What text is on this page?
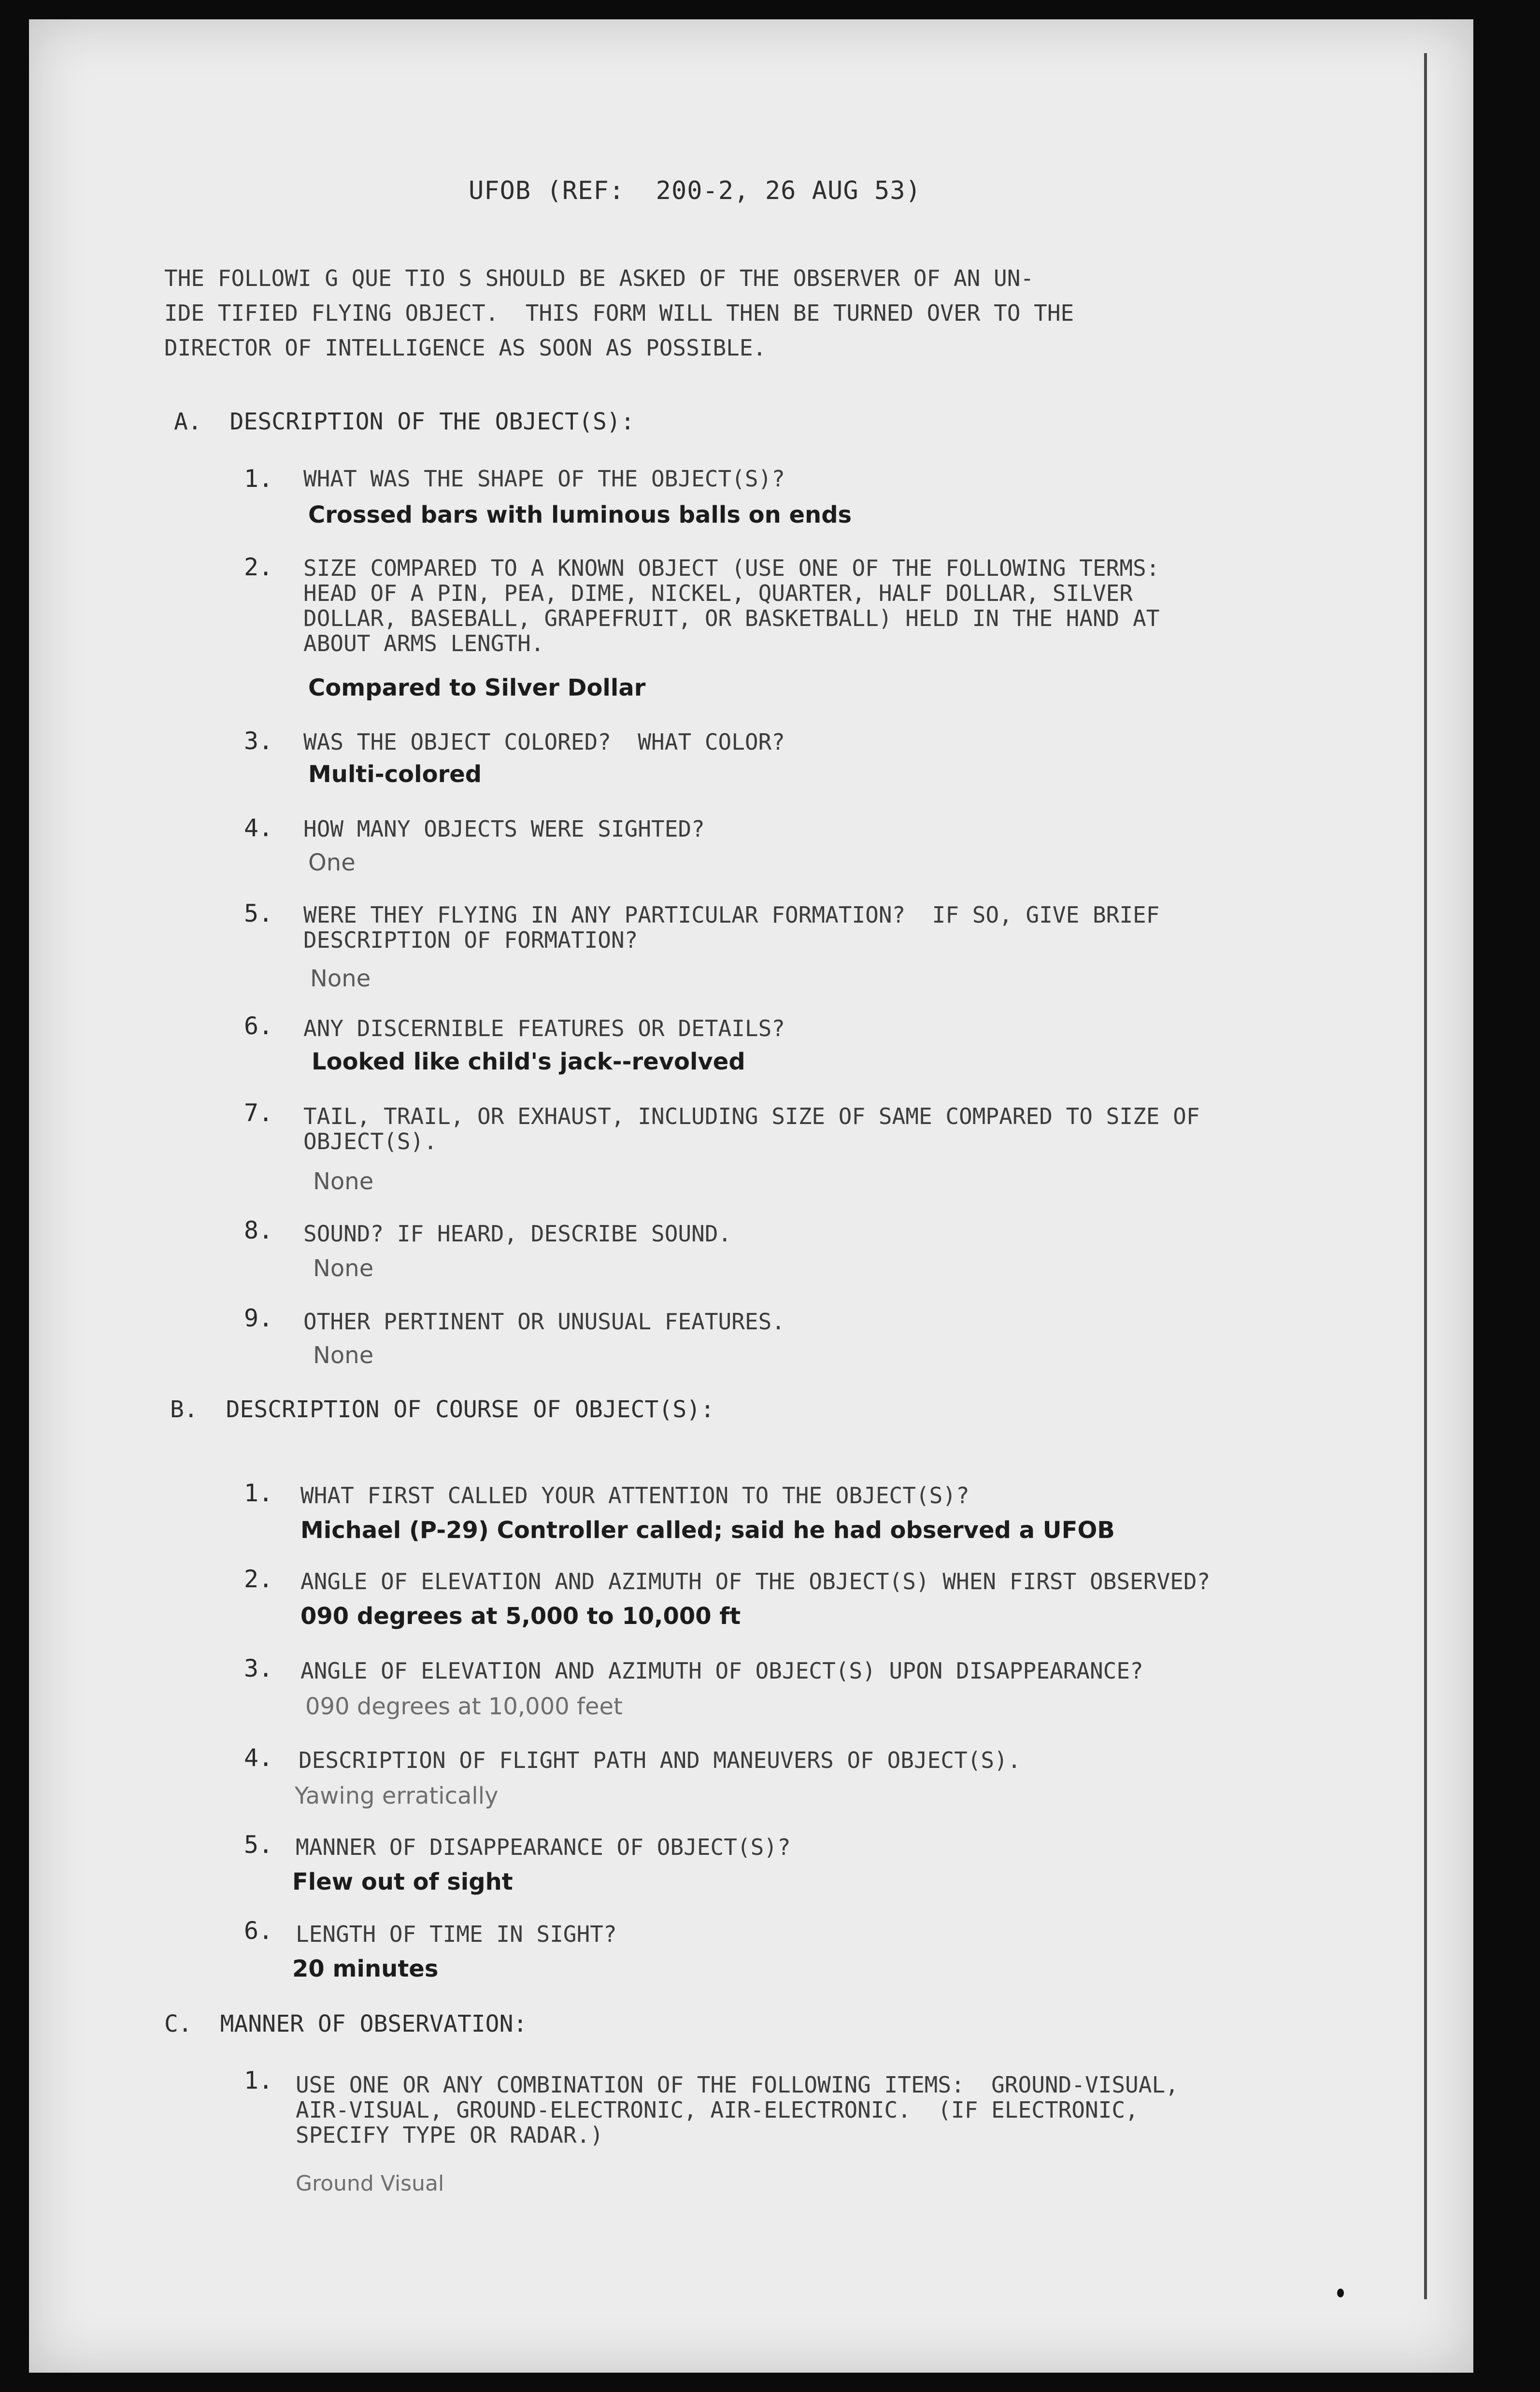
UFOB (REF:  200-2, 26 AUG 53)
THE FOLLOWI G QUE TIO S SHOULD BE ASKED OF THE OBSERVER OF AN UN-
IDE TIFIED FLYING OBJECT.  THIS FORM WILL THEN BE TURNED OVER TO THE
DIRECTOR OF INTELLIGENCE AS SOON AS POSSIBLE.
A.  DESCRIPTION OF THE OBJECT(S):
1. WHAT WAS THE SHAPE OF THE OBJECT(S)?
Crossed bars with luminous balls on ends
2. SIZE COMPARED TO A KNOWN OBJECT (USE ONE OF THE FOLLOWING TERMS:
HEAD OF A PIN, PEA, DIME, NICKEL, QUARTER, HALF DOLLAR, SILVER
DOLLAR, BASEBALL, GRAPEFRUIT, OR BASKETBALL) HELD IN THE HAND AT
ABOUT ARMS LENGTH.
Compared to Silver Dollar
3. WAS THE OBJECT COLORED?  WHAT COLOR?
Multi-colored
4. HOW MANY OBJECTS WERE SIGHTED?
One
5. WERE THEY FLYING IN ANY PARTICULAR FORMATION?  IF SO, GIVE BRIEF
DESCRIPTION OF FORMATION?
None
6. ANY DISCERNIBLE FEATURES OR DETAILS?
Looked like child's jack--revolved
7. TAIL, TRAIL, OR EXHAUST, INCLUDING SIZE OF SAME COMPARED TO SIZE OF
OBJECT(S).
None
8. SOUND? IF HEARD, DESCRIBE SOUND.
None
9. OTHER PERTINENT OR UNUSUAL FEATURES.
None
B.  DESCRIPTION OF COURSE OF OBJECT(S):
1. WHAT FIRST CALLED YOUR ATTENTION TO THE OBJECT(S)?
Michael (P-29) Controller called; said he had observed a UFOB
2. ANGLE OF ELEVATION AND AZIMUTH OF THE OBJECT(S) WHEN FIRST OBSERVED?
090 degrees at 5,000 to 10,000 ft
3. ANGLE OF ELEVATION AND AZIMUTH OF OBJECT(S) UPON DISAPPEARANCE?
090 degrees at 10,000 feet
4. DESCRIPTION OF FLIGHT PATH AND MANEUVERS OF OBJECT(S).
Yawing erratically
5. MANNER OF DISAPPEARANCE OF OBJECT(S)?
Flew out of sight
6. LENGTH OF TIME IN SIGHT?
20 minutes
C.  MANNER OF OBSERVATION:
1. USE ONE OR ANY COMBINATION OF THE FOLLOWING ITEMS:  GROUND-VISUAL,
AIR-VISUAL, GROUND-ELECTRONIC, AIR-ELECTRONIC.  (IF ELECTRONIC,
SPECIFY TYPE OR RADAR.)
Ground Visual
